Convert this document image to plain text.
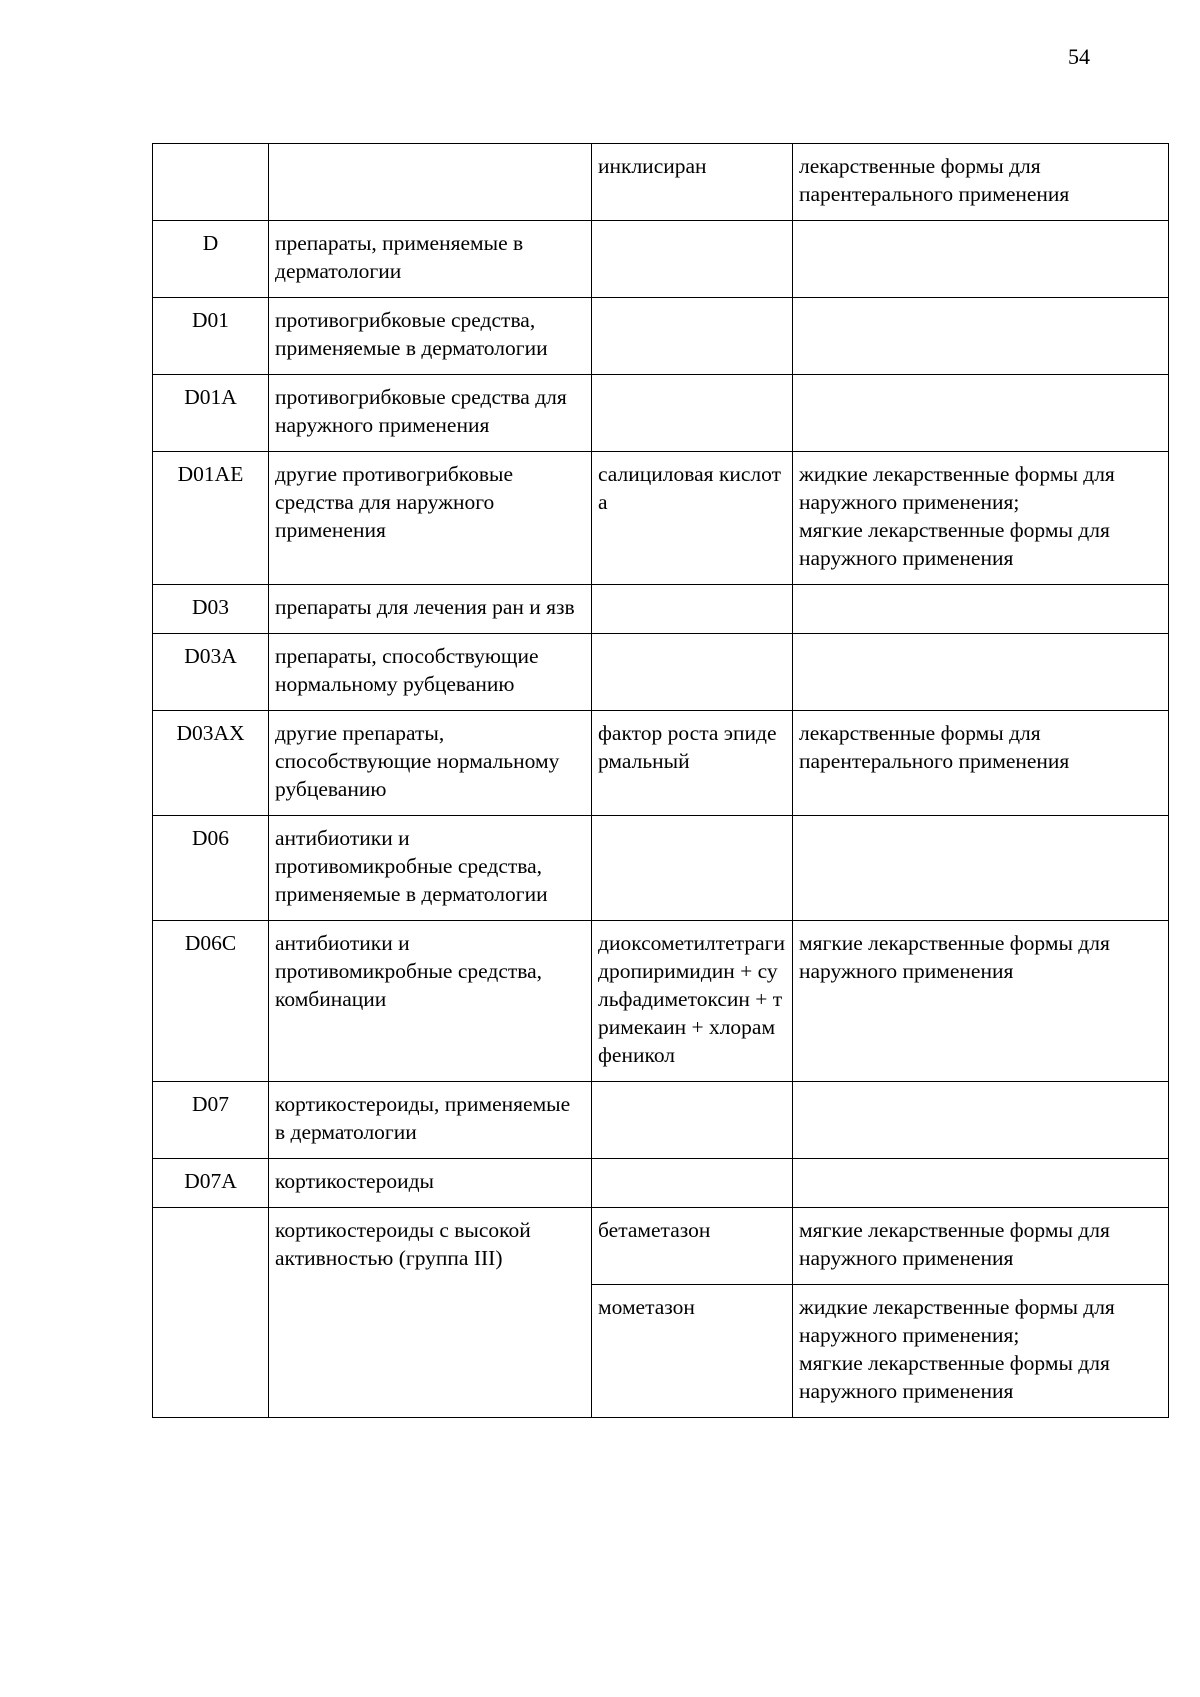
54
		инклисиран	лекарственные формы для парентерального применения

D	препараты, применяемые в дерматологии		
D01	противогрибковые средства, применяемые в дерматологии		
D01A	противогрибковые средства для наружного применения		
D01AE	другие противогрибковые средства для наружного применения	салициловая кислота	жидкие лекарственные формы для наружного применения;
мягкие лекарственные формы для наружного применения

D03	препараты для лечения ран и язв		
D03A	препараты, способствующие нормальному рубцеванию		
D03AX	другие препараты, способствующие нормальному рубцеванию	фактор роста эпидермальный	лекарственные формы для парентерального применения

D06	антибиотики и противомикробные средства, применяемые в дерматологии		
D06C	антибиотики и противомикробные средства, комбинации	диоксометилтетрагидропиримидин + сульфадиметоксин + тримекаин + хлорамфеникол	мягкие лекарственные формы для наружного применения

D07	кортикостероиды, применяемые в дерматологии		
D07A	кортикостероиды		
	кортикостероиды с высокой активностью (группа III)	бетаметазон	мягкие лекарственные формы для наружного применения

		мометазон	жидкие лекарственные формы для наружного применения;
мягкие лекарственные формы для наружного применения
